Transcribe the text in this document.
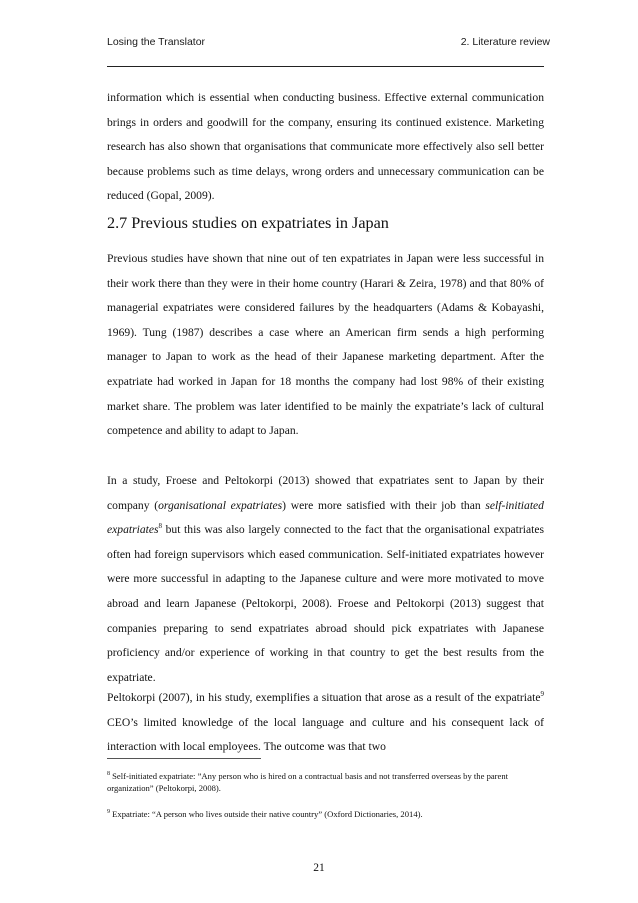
Losing the Translator	2. Literature review

information which is essential when conducting business. Effective external communication brings in orders and goodwill for the company, ensuring its continued existence. Marketing research has also shown that organisations that communicate more effectively also sell better because problems such as time delays, wrong orders and unnecessary communication can be reduced (Gopal, 2009).

2.7 Previous studies on expatriates in Japan

Previous studies have shown that nine out of ten expatriates in Japan were less successful in their work there than they were in their home country (Harari & Zeira, 1978) and that 80% of managerial expatriates were considered failures by the headquarters (Adams & Kobayashi, 1969). Tung (1987) describes a case where an American firm sends a high performing manager to Japan to work as the head of their Japanese marketing department. After the expatriate had worked in Japan for 18 months the company had lost 98% of their existing market share. The problem was later identified to be mainly the expatriate’s lack of cultural competence and ability to adapt to Japan.

In a study, Froese and Peltokorpi (2013) showed that expatriates sent to Japan by their company (organisational expatriates) were more satisfied with their job than self-initiated expatriates$^8$ but this was also largely connected to the fact that the organisational expatriates often had foreign supervisors which eased communication. Self-initiated expatriates however were more successful in adapting to the Japanese culture and were more motivated to move abroad and learn Japanese (Peltokorpi, 2008). Froese and Peltokorpi (2013) suggest that companies preparing to send expatriates abroad should pick expatriates with Japanese proficiency and/or experience of working in that country to get the best results from the expatriate.

Peltokorpi (2007), in his study, exemplifies a situation that arose as a result of the expatriate$^9$ CEO’s limited knowledge of the local language and culture and his consequent lack of interaction with local employees. The outcome was that two

$^8$ Self-initiated expatriate: ”Any person who is hired on a contractual basis and not transferred overseas by the parent organization” (Peltokorpi, 2008).

$^9$ Expatriate: “A person who lives outside their native country” (Oxford Dictionaries, 2014).

21
